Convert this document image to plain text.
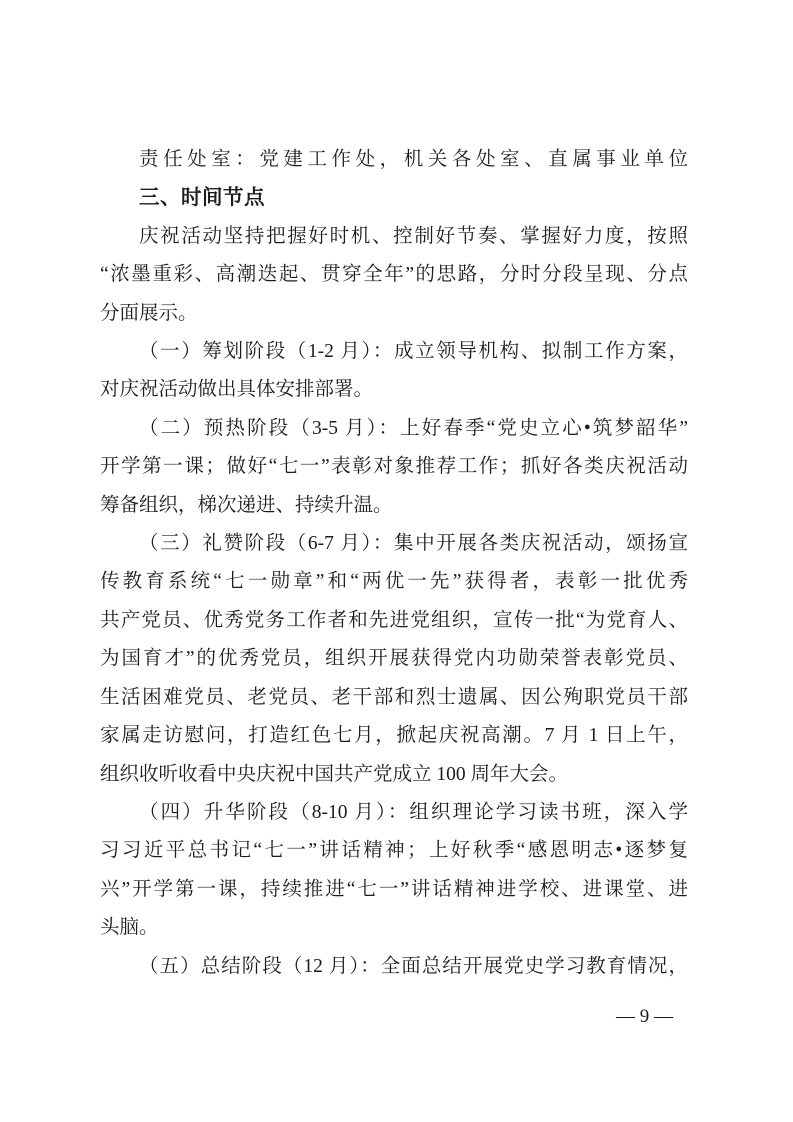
责任处室：党建工作处，机关各处室、直属事业单位
三、时间节点
庆祝活动坚持把握好时机、控制好节奏、掌握好力度，按照
“浓墨重彩、高潮迭起、贯穿全年”的思路，分时分段呈现、分点
分面展示。
（一）筹划阶段（1-2 月）：成立领导机构、拟制工作方案，
对庆祝活动做出具体安排部署。
（二）预热阶段（3-5 月）：上好春季“党史立心•筑梦韶华”
开学第一课；做好“七一”表彰对象推荐工作；抓好各类庆祝活动
筹备组织，梯次递进、持续升温。
（三）礼赞阶段（6-7 月）：集中开展各类庆祝活动，颂扬宣
传教育系统“七一勋章”和“两优一先”获得者，表彰一批优秀
共产党员、优秀党务工作者和先进党组织，宣传一批“为党育人、
为国育才”的优秀党员，组织开展获得党内功勋荣誉表彰党员、
生活困难党员、老党员、老干部和烈士遗属、因公殉职党员干部
家属走访慰问，打造红色七月，掀起庆祝高潮。7 月 1 日上午，
组织收听收看中央庆祝中国共产党成立 100 周年大会。
（四）升华阶段（8-10 月）：组织理论学习读书班，深入学
习习近平总书记“七一”讲话精神；上好秋季“感恩明志•逐梦复
兴”开学第一课，持续推进“七一”讲话精神进学校、进课堂、进
头脑。
（五）总结阶段（12 月）：全面总结开展党史学习教育情况，
— 9 —
